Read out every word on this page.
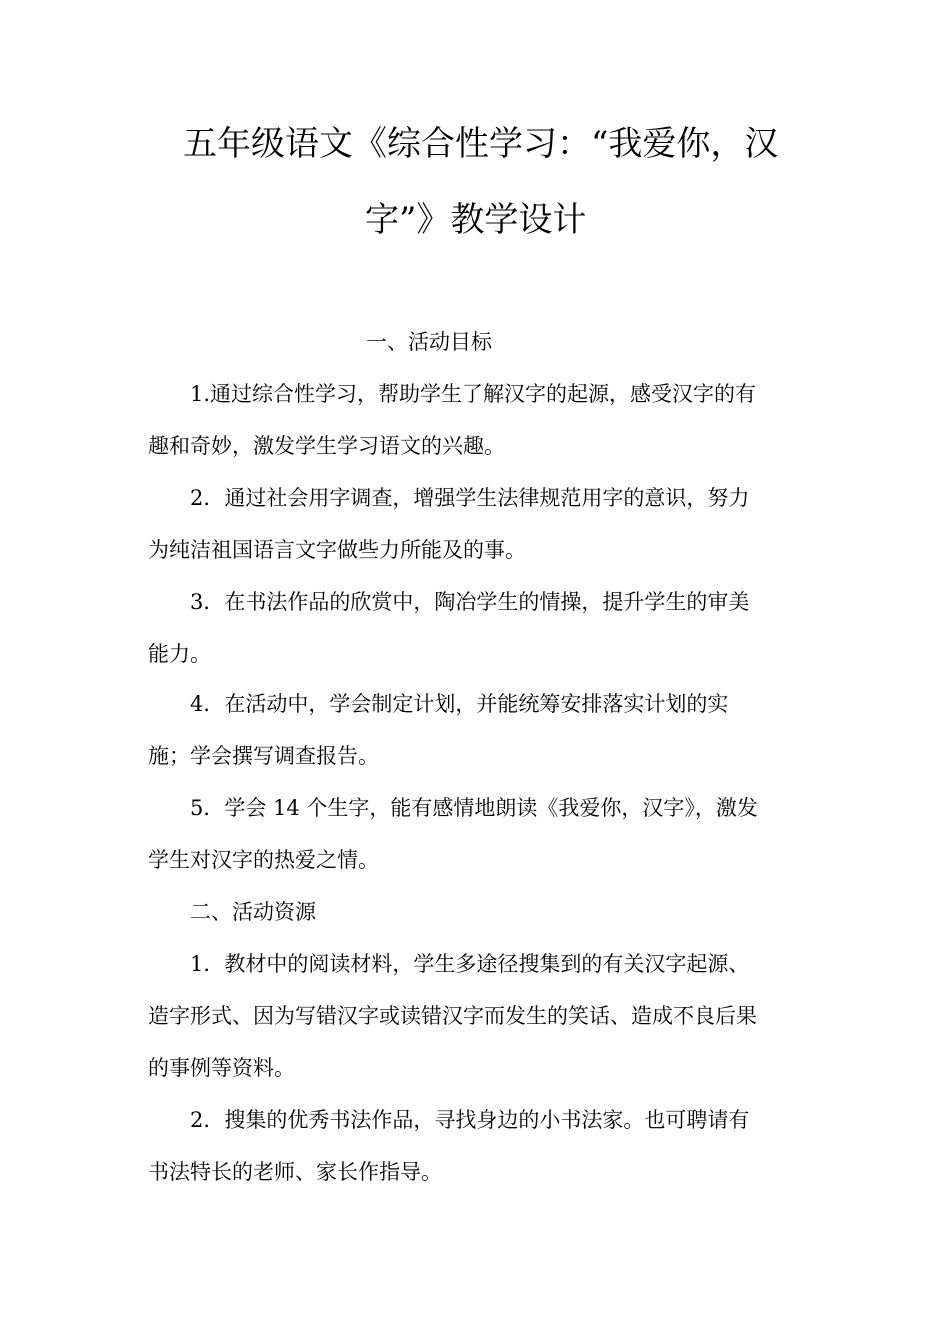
五年级语文《综合性学习：“我爱你，汉
字”》教学设计
一、活动目标
1.通过综合性学习，帮助学生了解汉字的起源，感受汉字的有
趣和奇妙，激发学生学习语文的兴趣。
2．通过社会用字调查，增强学生法律规范用字的意识，努力
为纯洁祖国语言文字做些力所能及的事。
3．在书法作品的欣赏中，陶冶学生的情操，提升学生的审美
能力。
4．在活动中，学会制定计划，并能统筹安排落实计划的实
施；学会撰写调查报告。
5．学会 14 个生字，能有感情地朗读《我爱你，汉字》，激发
学生对汉字的热爱之情。
二、活动资源
1．教材中的阅读材料，学生多途径搜集到的有关汉字起源、
造字形式、因为写错汉字或读错汉字而发生的笑话、造成不良后果
的事例等资料。
2．搜集的优秀书法作品，寻找身边的小书法家。也可聘请有
书法特长的老师、家长作指导。
